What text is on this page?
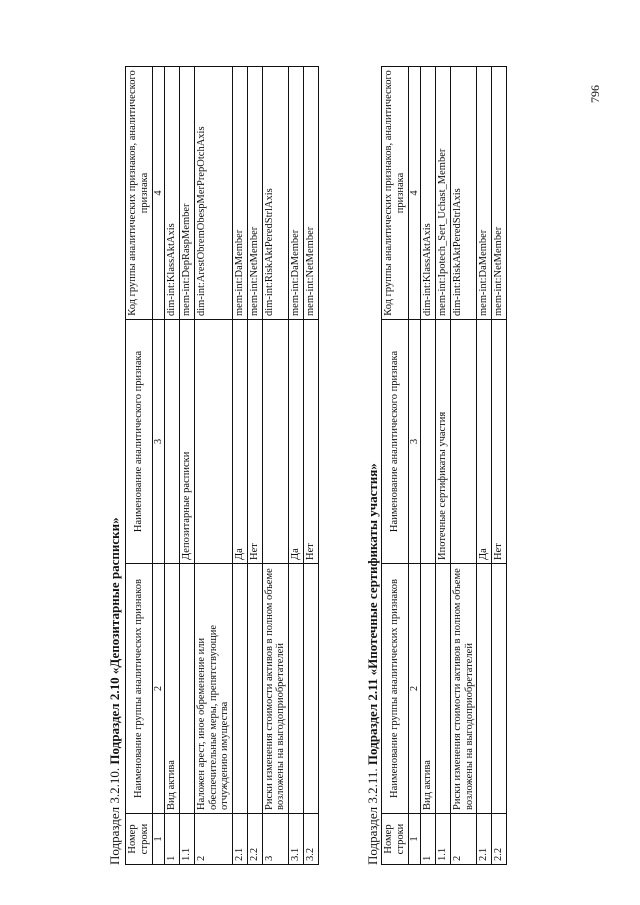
796
Подраздел 3.2.10. Подраздел 2.10 «Депозитарные расписки»
Номер строки	Наименование группы аналитических признаков	Наименование аналитического признака	Код группы аналитических признаков, аналитического признака
1	2	3	4
1	Вид актива		dim-int:KlassAktAxis
1.1		Депозитарные расписки	mem-int:DepRaspMember
2	Наложен арест, иное обременение или обеспечительные меры, препятствующие отчуждению имущества		dim-int:ArestObremObespMerPrepOtchAxis
2.1		Да	mem-int:DaMember
2.2		Нет	mem-int:NetMember
3	Риски изменения стоимости активов в полном объеме возложены на выгодоприобретателей		dim-int:RiskAktPeredStrlAxis
3.1		Да	mem-int:DaMember
3.2		Нет	mem-int:NetMember
Подраздел 3.2.11. Подраздел 2.11 «Ипотечные сертификаты участия»
Номер строки	Наименование группы аналитических признаков	Наименование аналитического признака	Код группы аналитических признаков, аналитического признака
1	2	3	4
1	Вид актива		dim-int:KlassAktAxis
1.1		Ипотечные сертификаты участия	mem-int:Ipotech_Sert_Uchast_Member
2	Риски изменения стоимости активов в полном объеме возложены на выгодоприобретателей		dim-int:RiskAktPeredStrlAxis
2.1		Да	mem-int:DaMember
2.2		Нет	mem-int:NetMember
